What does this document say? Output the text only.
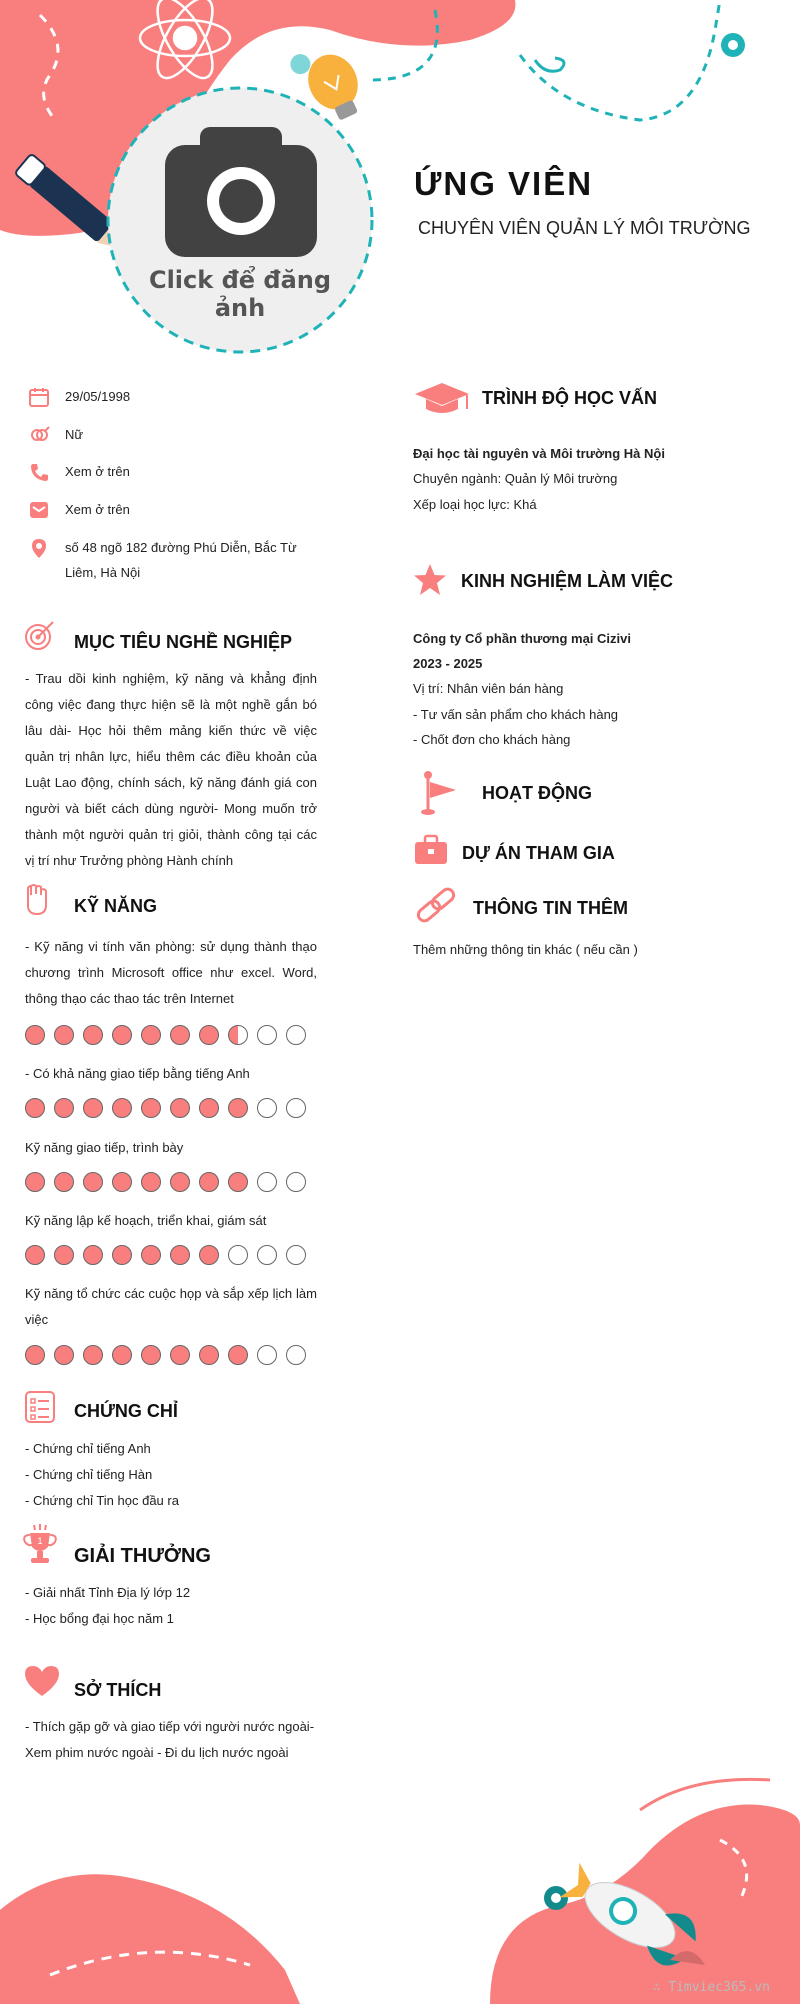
ỨNG VIÊN
CHUYÊN VIÊN QUẢN LÝ MÔI TRƯỜNG
Click để đăng ảnh
29/05/1998
Nữ
Xem ở trên
Xem ở trên
số 48 ngõ 182 đường Phú Diễn, Bắc Từ Liêm, Hà Nội
MỤC TIÊU NGHỀ NGHIỆP
- Trau dồi kinh nghiệm, kỹ năng và khẳng định công việc đang thực hiện sẽ là một nghề gắn bó lâu dài- Học hỏi thêm mảng kiến thức về việc quản trị nhân lực, hiểu thêm các điều khoản của Luật Lao động, chính sách, kỹ năng đánh giá con người và biết cách dùng người- Mong muốn trở thành một người quản trị giỏi, thành công tại các vị trí như Trưởng phòng Hành chính
KỸ NĂNG
- Kỹ năng vi tính văn phòng: sử dụng thành thạo chương trình Microsoft office như excel. Word, thông thạo các thao tác trên Internet
- Có khả năng giao tiếp bằng tiếng Anh
Kỹ năng giao tiếp, trình bày
Kỹ năng lập kế hoạch, triển khai, giám sát
Kỹ năng tổ chức các cuộc họp và sắp xếp lịch làm việc
CHỨNG CHỈ
- Chứng chỉ tiếng Anh
- Chứng chỉ tiếng Hàn
- Chứng chỉ Tin học đầu ra
1
GIẢI THƯỞNG
- Giải nhất Tỉnh Địa lý lớp 12
- Học bổng đại học năm 1
SỞ THÍCH
- Thích gặp gỡ và giao tiếp với người nước ngoài- Xem phim nước ngoài - Đi du lịch nước ngoài
TRÌNH ĐỘ HỌC VẤN
Đại học tài nguyên và Môi trường Hà Nội
Chuyên ngành: Quản lý Môi trường
Xếp loại học lực: Khá
KINH NGHIỆM LÀM VIỆC
Công ty Cổ phần thương mại Cizivi
2023 - 2025
Vị trí: Nhân viên bán hàng
- Tư vấn sản phẩm cho khách hàng
- Chốt đơn cho khách hàng
HOẠT ĐỘNG
DỰ ÁN THAM GIA
THÔNG TIN THÊM
Thêm những thông tin khác ( nếu cần )
∴ Timviec365.vn
